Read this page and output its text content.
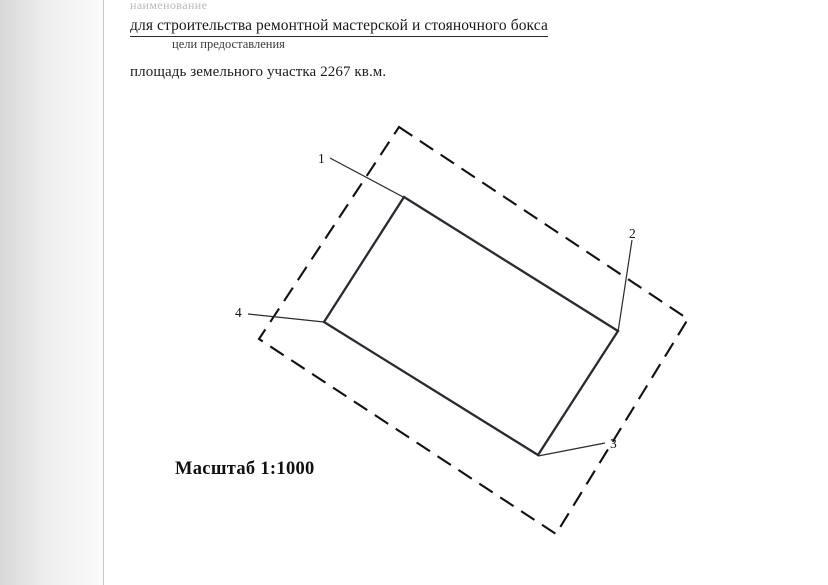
наименование
для строительства ремонтной мастерской и стояночного бокса
цели предоставления
площадь земельного участка 2267 кв.м.
1
2
3
4
Масштаб 1:1000
